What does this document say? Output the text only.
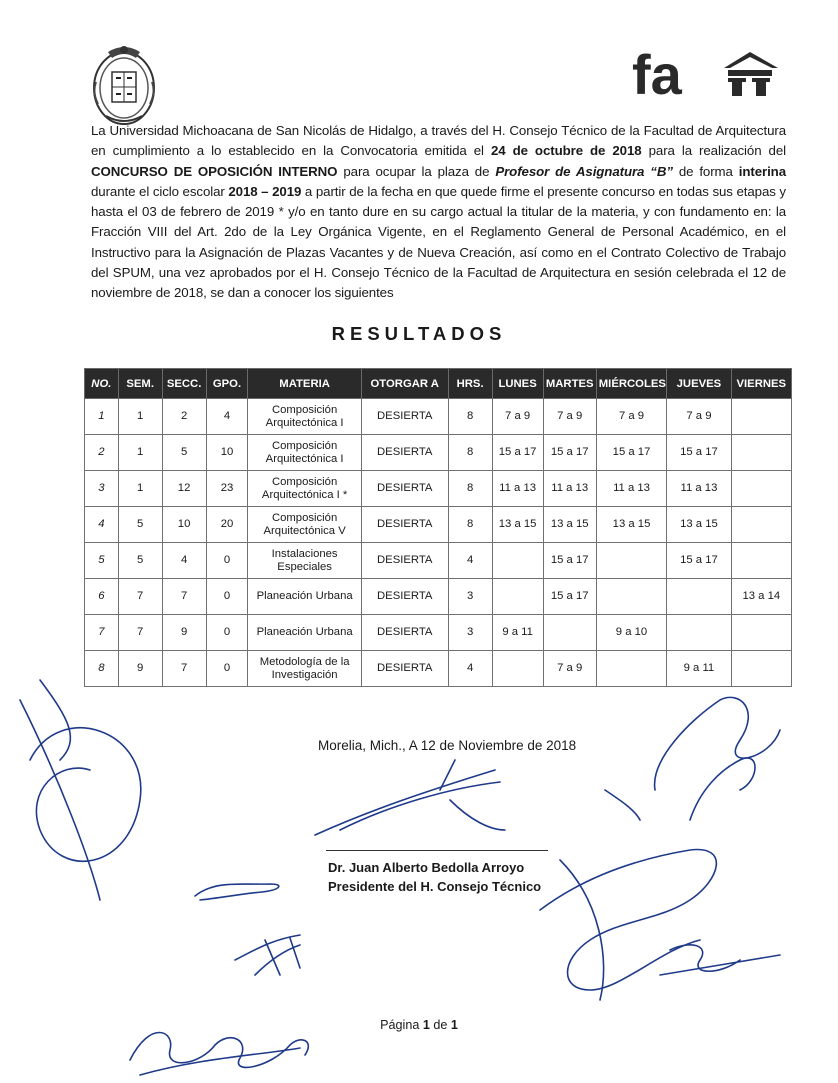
fa
La Universidad Michoacana de San Nicolás de Hidalgo, a través del H. Consejo Técnico de la Facultad de Arquitectura en cumplimiento a lo establecido en la Convocatoria emitida el 24 de octubre de 2018 para la realización del CONCURSO DE OPOSICIÓN INTERNO para ocupar la plaza de Profesor de Asignatura “B” de forma interina durante el ciclo escolar 2018 – 2019 a partir de la fecha en que quede firme el presente concurso en todas sus etapas y hasta el 03 de febrero de 2019 * y/o en tanto dure en su cargo actual la titular de la materia, y con fundamento en: la Fracción VIII del Art. 2do de la Ley Orgánica Vigente, en el Reglamento General de Personal Académico, en el Instructivo para la Asignación de Plazas Vacantes y de Nueva Creación, así como en el Contrato Colectivo de Trabajo del SPUM, una vez aprobados por el H. Consejo Técnico de la Facultad de Arquitectura en sesión celebrada el 12 de noviembre de 2018, se dan a conocer los siguientes
RESULTADOS
NO.	SEM.	SECC.	GPO.	MATERIA	OTORGAR A	HRS.	LUNES	MARTES	MIÉRCOLES	JUEVES	VIERNES
1	1	2	4	Composición Arquitectónica I	DESIERTA	8	7 a 9	7 a 9	7 a 9	7 a 9	
2	1	5	10	Composición Arquitectónica I	DESIERTA	8	15 a 17	15 a 17	15 a 17	15 a 17	
3	1	12	23	Composición Arquitectónica I *	DESIERTA	8	11 a 13	11 a 13	11 a 13	11 a 13	
4	5	10	20	Composición Arquitectónica V	DESIERTA	8	13 a 15	13 a 15	13 a 15	13 a 15	
5	5	4	0	Instalaciones Especiales	DESIERTA	4		15 a 17		15 a 17	
6	7	7	0	Planeación Urbana	DESIERTA	3		15 a 17			13 a 14
7	7	9	0	Planeación Urbana	DESIERTA	3	9 a 11		9 a 10		
8	9	7	0	Metodología de la Investigación	DESIERTA	4		7 a 9		9 a 11	
Morelia, Mich., A 12 de Noviembre de 2018
Dr. Juan Alberto Bedolla Arroyo
Presidente del H. Consejo Técnico
Página 1 de 1
